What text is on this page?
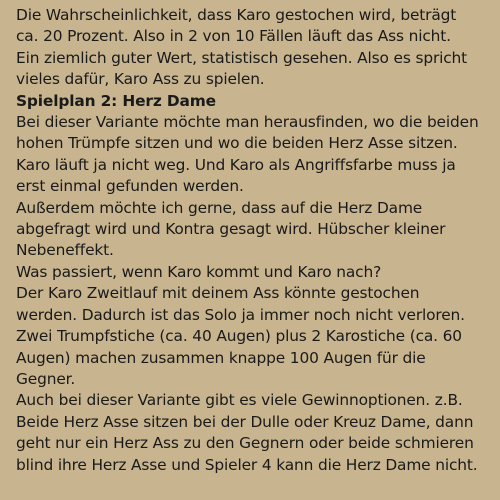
Die Wahrscheinlichkeit, dass Karo gestochen wird, beträgt

ca. 20 Prozent. Also in 2 von 10 Fällen läuft das Ass nicht.

Ein ziemlich guter Wert, statistisch gesehen. Also es spricht

vieles dafür, Karo Ass zu spielen.

Spielplan 2: Herz Dame

Bei dieser Variante möchte man herausfinden, wo die beiden

hohen Trümpfe sitzen und wo die beiden Herz Asse sitzen.

Karo läuft ja nicht weg. Und Karo als Angriffsfarbe muss ja

erst einmal gefunden werden.

Außerdem möchte ich gerne, dass auf die Herz Dame

abgefragt wird und Kontra gesagt wird. Hübscher kleiner

Nebeneffekt.

Was passiert, wenn Karo kommt und Karo nach?

Der Karo Zweitlauf mit deinem Ass könnte gestochen

werden. Dadurch ist das Solo ja immer noch nicht verloren.

Zwei Trumpfstiche (ca. 40 Augen) plus 2 Karostiche (ca. 60

Augen) machen zusammen knappe 100 Augen für die

Gegner.

Auch bei dieser Variante gibt es viele Gewinnoptionen. z.B.

Beide Herz Asse sitzen bei der Dulle oder Kreuz Dame, dann

geht nur ein Herz Ass zu den Gegnern oder beide schmieren

blind ihre Herz Asse und Spieler 4 kann die Herz Dame nicht.
